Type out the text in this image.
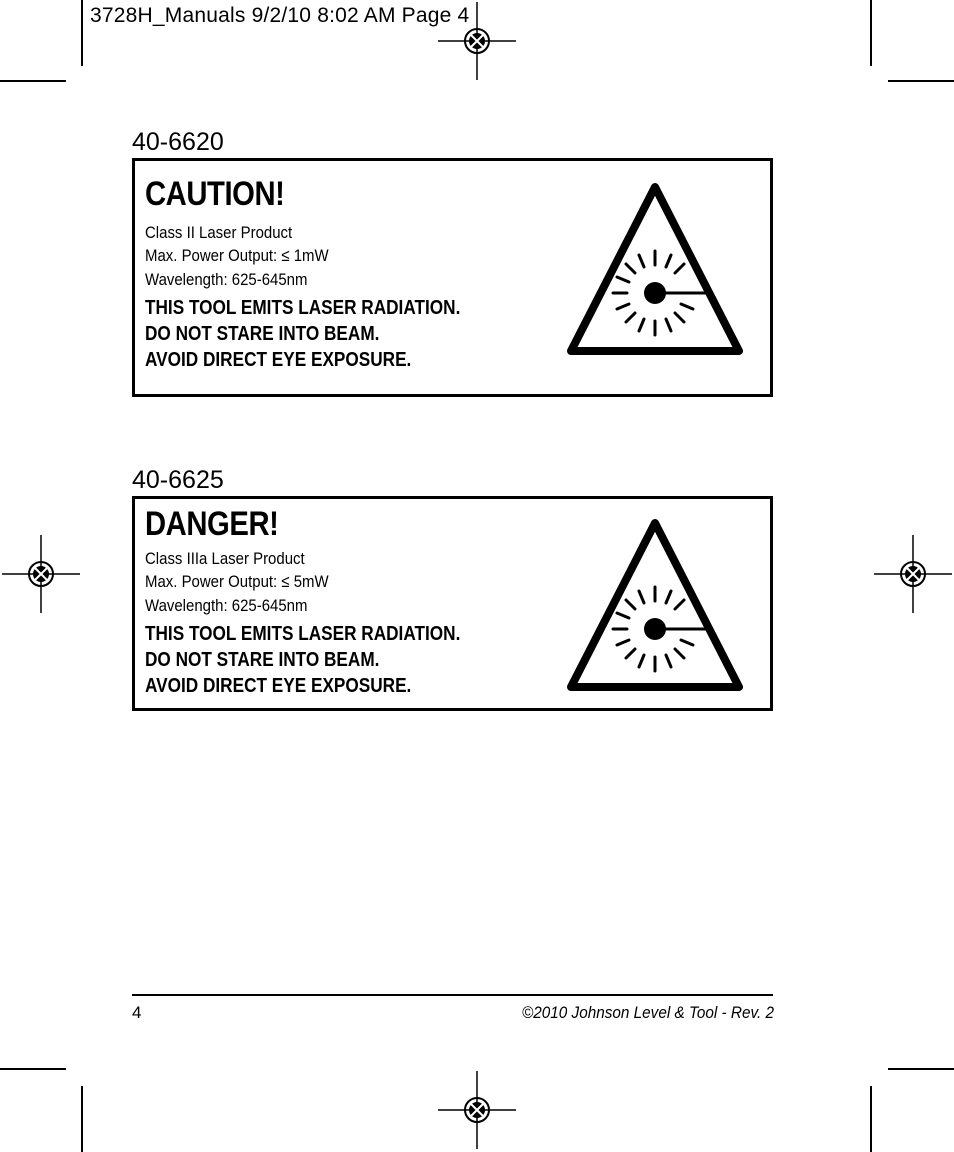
3728H_Manuals 9/2/10 8:02 AM Page 4
40-6620
CAUTION!
Class II Laser Product
Max. Power Output: ≤ 1mW
Wavelength: 625-645nm
THIS TOOL EMITS LASER RADIATION.
DO NOT STARE INTO BEAM.
AVOID DIRECT EYE EXPOSURE.
40-6625
DANGER!
Class IIIa Laser Product
Max. Power Output: ≤ 5mW
Wavelength: 625-645nm
THIS TOOL EMITS LASER RADIATION.
DO NOT STARE INTO BEAM.
AVOID DIRECT EYE EXPOSURE.
4	©2010 Johnson Level & Tool - Rev. 2
